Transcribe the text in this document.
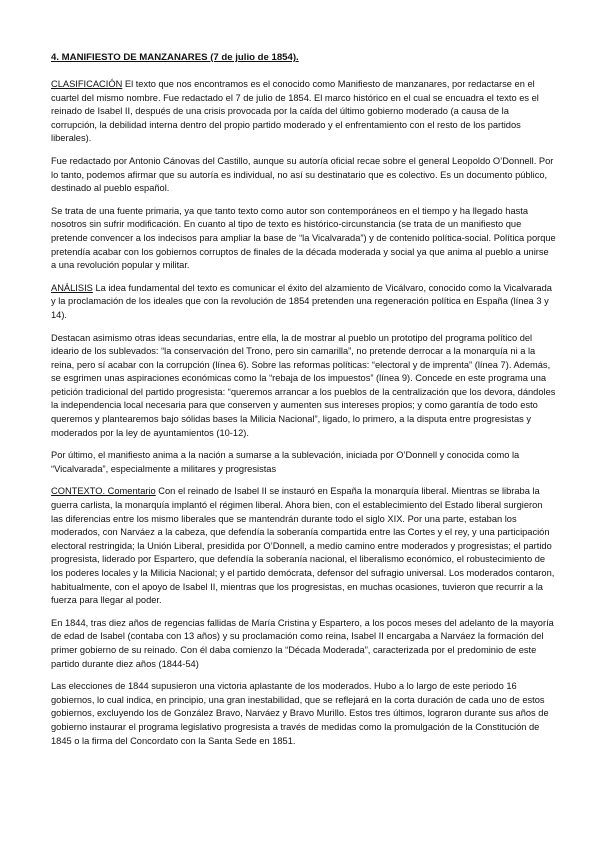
4. MANIFIESTO DE MANZANARES (7 de julio de 1854).

CLASIFICACIÓN El texto que nos encontramos es el conocido como Manifiesto de manzanares, por redactarse en el cuartel del mismo nombre. Fue redactado el 7 de julio de 1854. El marco histórico en el cual se encuadra el texto es el reinado de Isabel II, después de una crisis provocada por la caída del último gobierno moderado (a causa de la corrupción, la debilidad interna dentro del propio partido moderado y el enfrentamiento con el resto de los partidos liberales).

Fue redactado por Antonio Cánovas del Castillo, aunque su autoría oficial recae sobre el general Leopoldo O’Donnell. Por lo tanto, podemos afirmar que su autoría es individual, no así su destinatario que es colectivo. Es un documento público, destinado al pueblo español.

Se trata de una fuente primaria, ya que tanto texto como autor son contemporáneos en el tiempo y ha llegado hasta nosotros sin sufrir modificación. En cuanto al tipo de texto es histórico-circunstancia (se trata de un manifiesto que pretende convencer a los indecisos para ampliar la base de “la Vicalvarada”) y de contenido política-social. Política porque pretendía acabar con los gobiernos corruptos de finales de la década moderada y social ya que anima al pueblo a unirse a una revolución popular y militar.

ANÁLISIS La idea fundamental del texto es comunicar el éxito del alzamiento de Vicálvaro, conocido como la Vicalvarada y la proclamación de los ideales que con la revolución de 1854 pretenden una regeneración política en España (línea 3 y 14).

Destacan asimismo otras ideas secundarias, entre ella, la de mostrar al pueblo un prototipo del programa político del ideario de los sublevados: “la conservación del Trono, pero sin camarilla”, no pretende derrocar a la monarquía ni a la reina, pero sí acabar con la corrupción (línea 6). Sobre las reformas políticas: “electoral y de imprenta” (línea 7). Además, se esgrimen unas aspiraciones económicas como la “rebaja de los impuestos” (línea 9). Concede en este programa una petición tradicional del partido progresista: “queremos arrancar a los pueblos de la centralización que los devora, dándoles la independencia local necesaria para que conserven y aumenten sus intereses propios; y como garantía de todo esto queremos y plantearemos bajo sólidas bases la Milicia Nacional”, ligado, lo primero, a la disputa entre progresistas y moderados por la ley de ayuntamientos (10-12).

Por último, el manifiesto anima a la nación a sumarse a la sublevación, iniciada por O’Donnell y conocida como la “Vicalvarada”, especialmente a militares y progresistas

CONTEXTO. Comentario Con el reinado de Isabel II se instauró en España la monarquía liberal. Mientras se libraba la guerra carlista, la monarquía implantó el régimen liberal. Ahora bien, con el establecimiento del Estado liberal surgieron las diferencias entre los mismo liberales que se mantendrán durante todo el siglo XIX. Por una parte, estaban los moderados, con Narváez a la cabeza, que defendía la soberanía compartida entre las Cortes y el rey, y una participación electoral restringida; la Unión Liberal, presidida por O’Donnell, a medio camino entre moderados y progresistas; el partido progresista, liderado por Espartero, que defendía la soberanía nacional, el liberalismo económico, el robustecimiento de los poderes locales y la Milicia Nacional; y el partido demócrata, defensor del sufragio universal. Los moderados contaron, habitualmente, con el apoyo de Isabel II, mientras que los progresistas, en muchas ocasiones, tuvieron que recurrir a la fuerza para llegar al poder.

En 1844, tras diez años de regencias fallidas de María Cristina y Espartero, a los pocos meses del adelanto de la mayoría de edad de Isabel (contaba con 13 años) y su proclamación como reina, Isabel II encargaba a Narváez la formación del primer gobierno de su reinado. Con él daba comienzo la “Década Moderada”, caracterizada por el predominio de este partido durante diez años (1844-54)

Las elecciones de 1844 supusieron una victoria aplastante de los moderados. Hubo a lo largo de este periodo 16 gobiernos, lo cual indica, en principio, una gran inestabilidad, que se reflejará en la corta duración de cada uno de estos gobiernos, excluyendo los de González Bravo, Narváez y Bravo Murillo. Estos tres últimos, lograron durante sus años de gobierno instaurar el programa legislativo progresista a través de medidas como la promulgación de la Constitución de 1845 o la firma del Concordato con la Santa Sede en 1851.
